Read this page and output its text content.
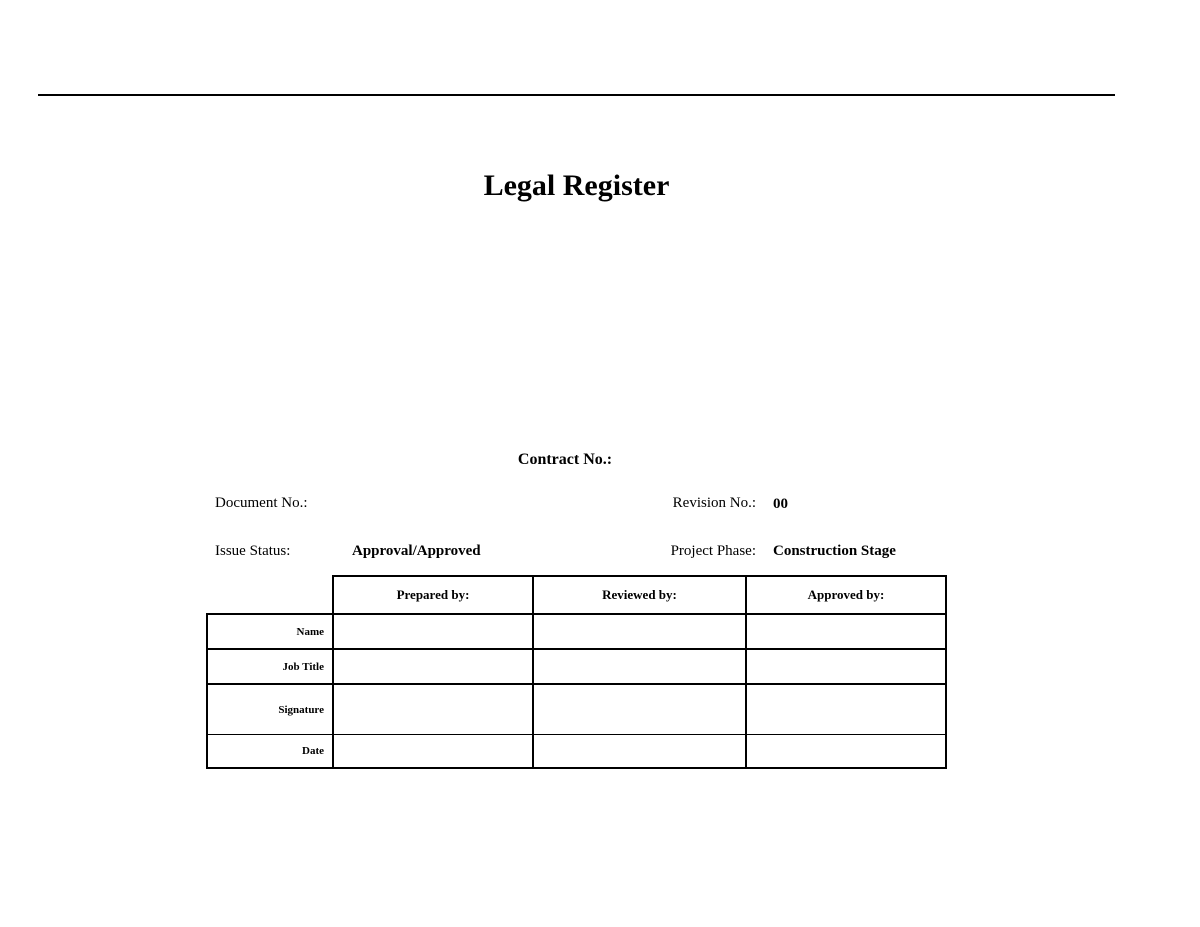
Legal Register
Contract No.:
Document No.:	Revision No.: 00
Issue Status:	Approval/Approved	Project Phase: Construction Stage
	Prepared by:	Reviewed by:	Approved by:
Name			
Job Title			
Signature			
Date			
